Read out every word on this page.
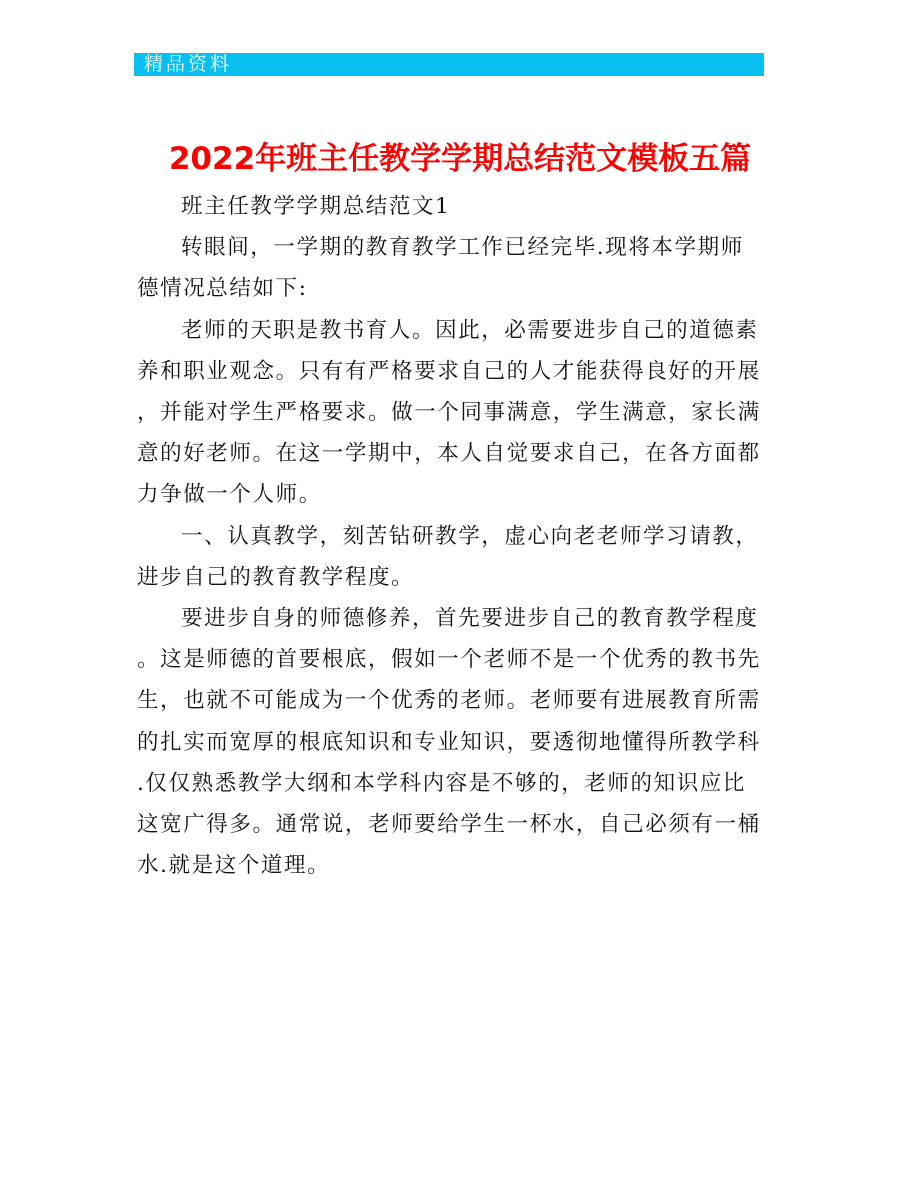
精品资料
2022年班主任教学学期总结范文模板五篇

班主任教学学期总结范文1

转眼间，一学期的教育教学工作已经完毕.现将本学期师
德情况总结如下:

老师的天职是教书育人。因此，必需要进步自己的道德素
养和职业观念。只有有严格要求自己的人才能获得良好的开展
，并能对学生严格要求。做一个同事满意，学生满意，家长满
意的好老师。在这一学期中，本人自觉要求自己，在各方面都
力争做一个人师。

一、认真教学，刻苦钻研教学，虚心向老老师学习请教，
进步自己的教育教学程度。

要进步自身的师德修养，首先要进步自己的教育教学程度
。这是师德的首要根底，假如一个老师不是一个优秀的教书先
生，也就不可能成为一个优秀的老师。老师要有进展教育所需
的扎实而宽厚的根底知识和专业知识，要透彻地懂得所教学科
.仅仅熟悉教学大纲和本学科内容是不够的，老师的知识应比
这宽广得多。通常说，老师要给学生一杯水，自己必须有一桶
水.就是这个道理。
